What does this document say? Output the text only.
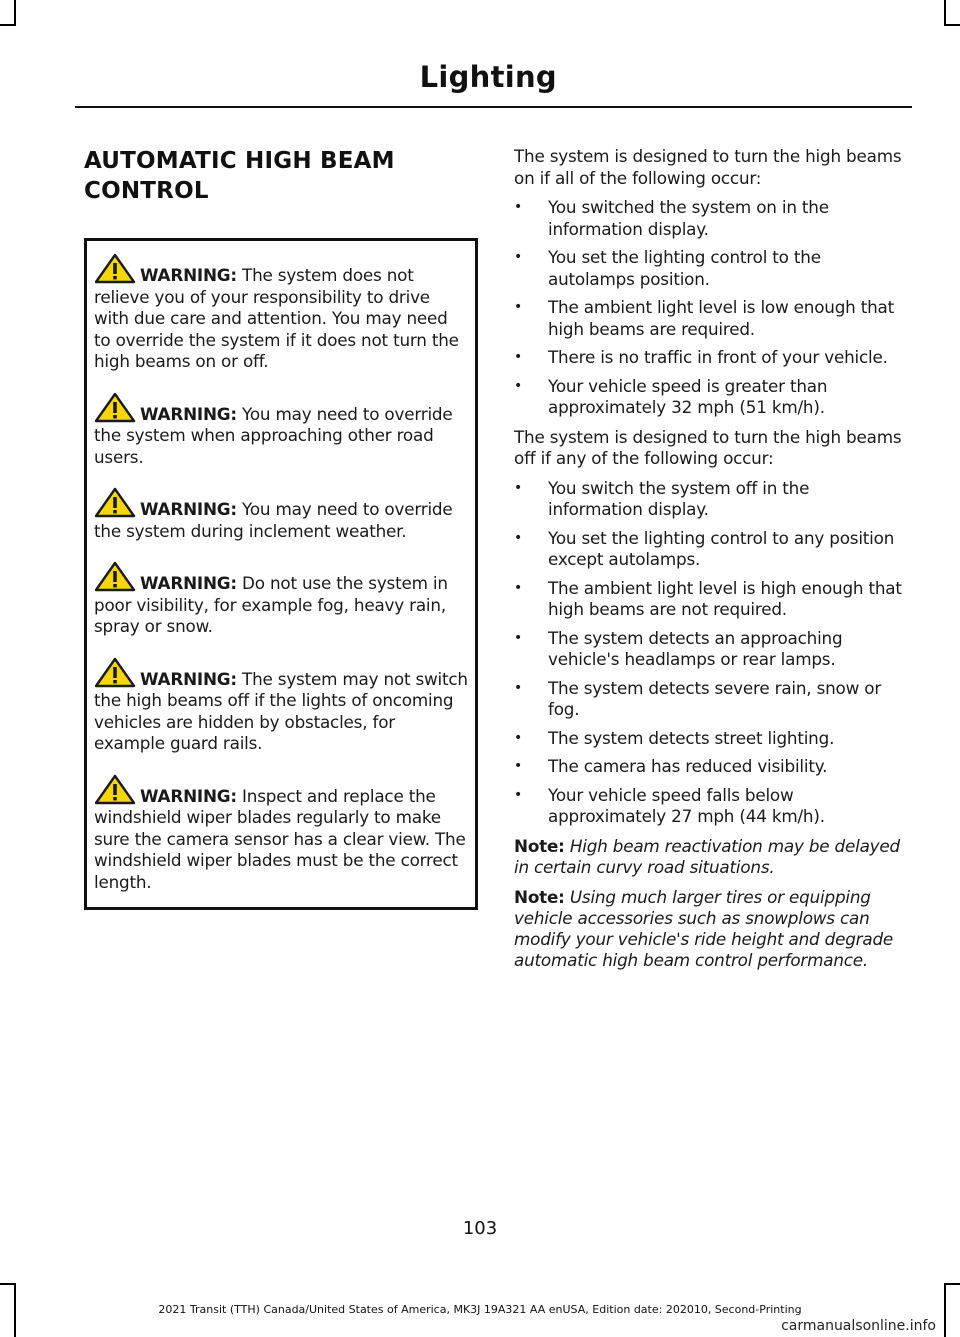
Lighting
AUTOMATIC HIGH BEAM
CONTROL

WARNING: The system does not relieve you of your responsibility to drive with due care and attention. You may need to override the system if it does not turn the high beams on or off.

WARNING: You may need to override the system when approaching other road users.

WARNING: You may need to override the system during inclement weather.

WARNING: Do not use the system in poor visibility, for example fog, heavy rain, spray or snow.

WARNING: The system may not switch the high beams off if the lights of oncoming vehicles are hidden by obstacles, for example guard rails.

WARNING: Inspect and replace the windshield wiper blades regularly to make sure the camera sensor has a clear view. The windshield wiper blades must be the correct length.

The system is designed to turn the high beams on if all of the following occur:

• You switched the system on in the information display.
• You set the lighting control to the autolamps position.
• The ambient light level is low enough that high beams are required.
• There is no traffic in front of your vehicle.
• Your vehicle speed is greater than approximately 32 mph (51 km/h).

The system is designed to turn the high beams off if any of the following occur:

• You switch the system off in the information display.
• You set the lighting control to any position except autolamps.
• The ambient light level is high enough that high beams are not required.
• The system detects an approaching vehicle's headlamps or rear lamps.
• The system detects severe rain, snow or fog.
• The system detects street lighting.
• The camera has reduced visibility.
• Your vehicle speed falls below approximately 27 mph (44 km/h).

Note: High beam reactivation may be delayed in certain curvy road situations.

Note: Using much larger tires or equipping vehicle accessories such as snowplows can modify your vehicle's ride height and degrade automatic high beam control performance.

103
2021 Transit (TTH) Canada/United States of America, MK3J 19A321 AA enUSA, Edition date: 202010, Second-Printing
carmanualsonline.info
